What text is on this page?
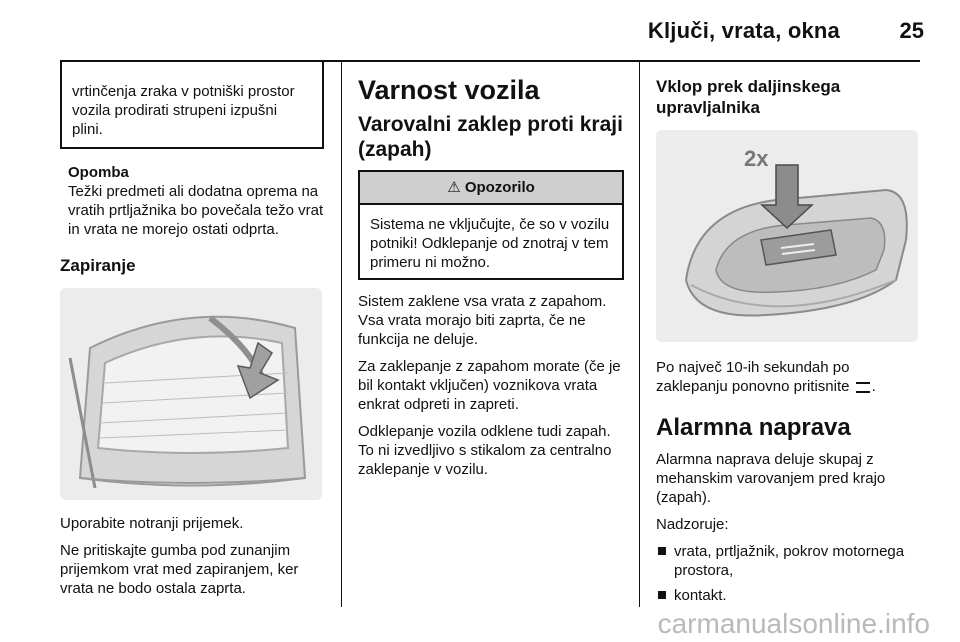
Ključi, vrata, okna	25
vrtinčenja zraka v potniški prostor vozila prodirati strupeni izpušni plini.
Opomba
Težki predmeti ali dodatna oprema na vratih prtljažnika bo povečala težo vrat in vrata ne morejo ostati odprta.
Zapiranje

Uporabite notranji prijemek.

Ne pritiskajte gumba pod zunanjim prijemkom vrat med zapiranjem, ker vrata ne bodo ostala zaprta.

Varnost vozila
Varovalni zaklep proti kraji (zapah)
⚠ Opozorilo
Sistema ne vključujte, če so v vozilu potniki! Odklepanje od znotraj v tem primeru ni možno.

Sistem zaklene vsa vrata z zapahom. Vsa vrata morajo biti zaprta, če ne funkcija ne deluje.

Za zaklepanje z zapahom morate (če je bil kontakt vključen) voznikova vrata enkrat odpreti in zapreti.

Odklepanje vozila odklene tudi zapah. To ni izvedljivo s stikalom za centralno zaklepanje v vozilu.

Vklop prek daljinskega upravljalnika
2x

Po največ 10-ih sekundah po zaklepanju ponovno pritisnite .

Alarmna naprava

Alarmna naprava deluje skupaj z mehanskim varovanjem pred krajo (zapah).

Nadzoruje:

vrata, prtljažnik, pokrov motornega prostora,
kontakt.
carmanualsonline.info
